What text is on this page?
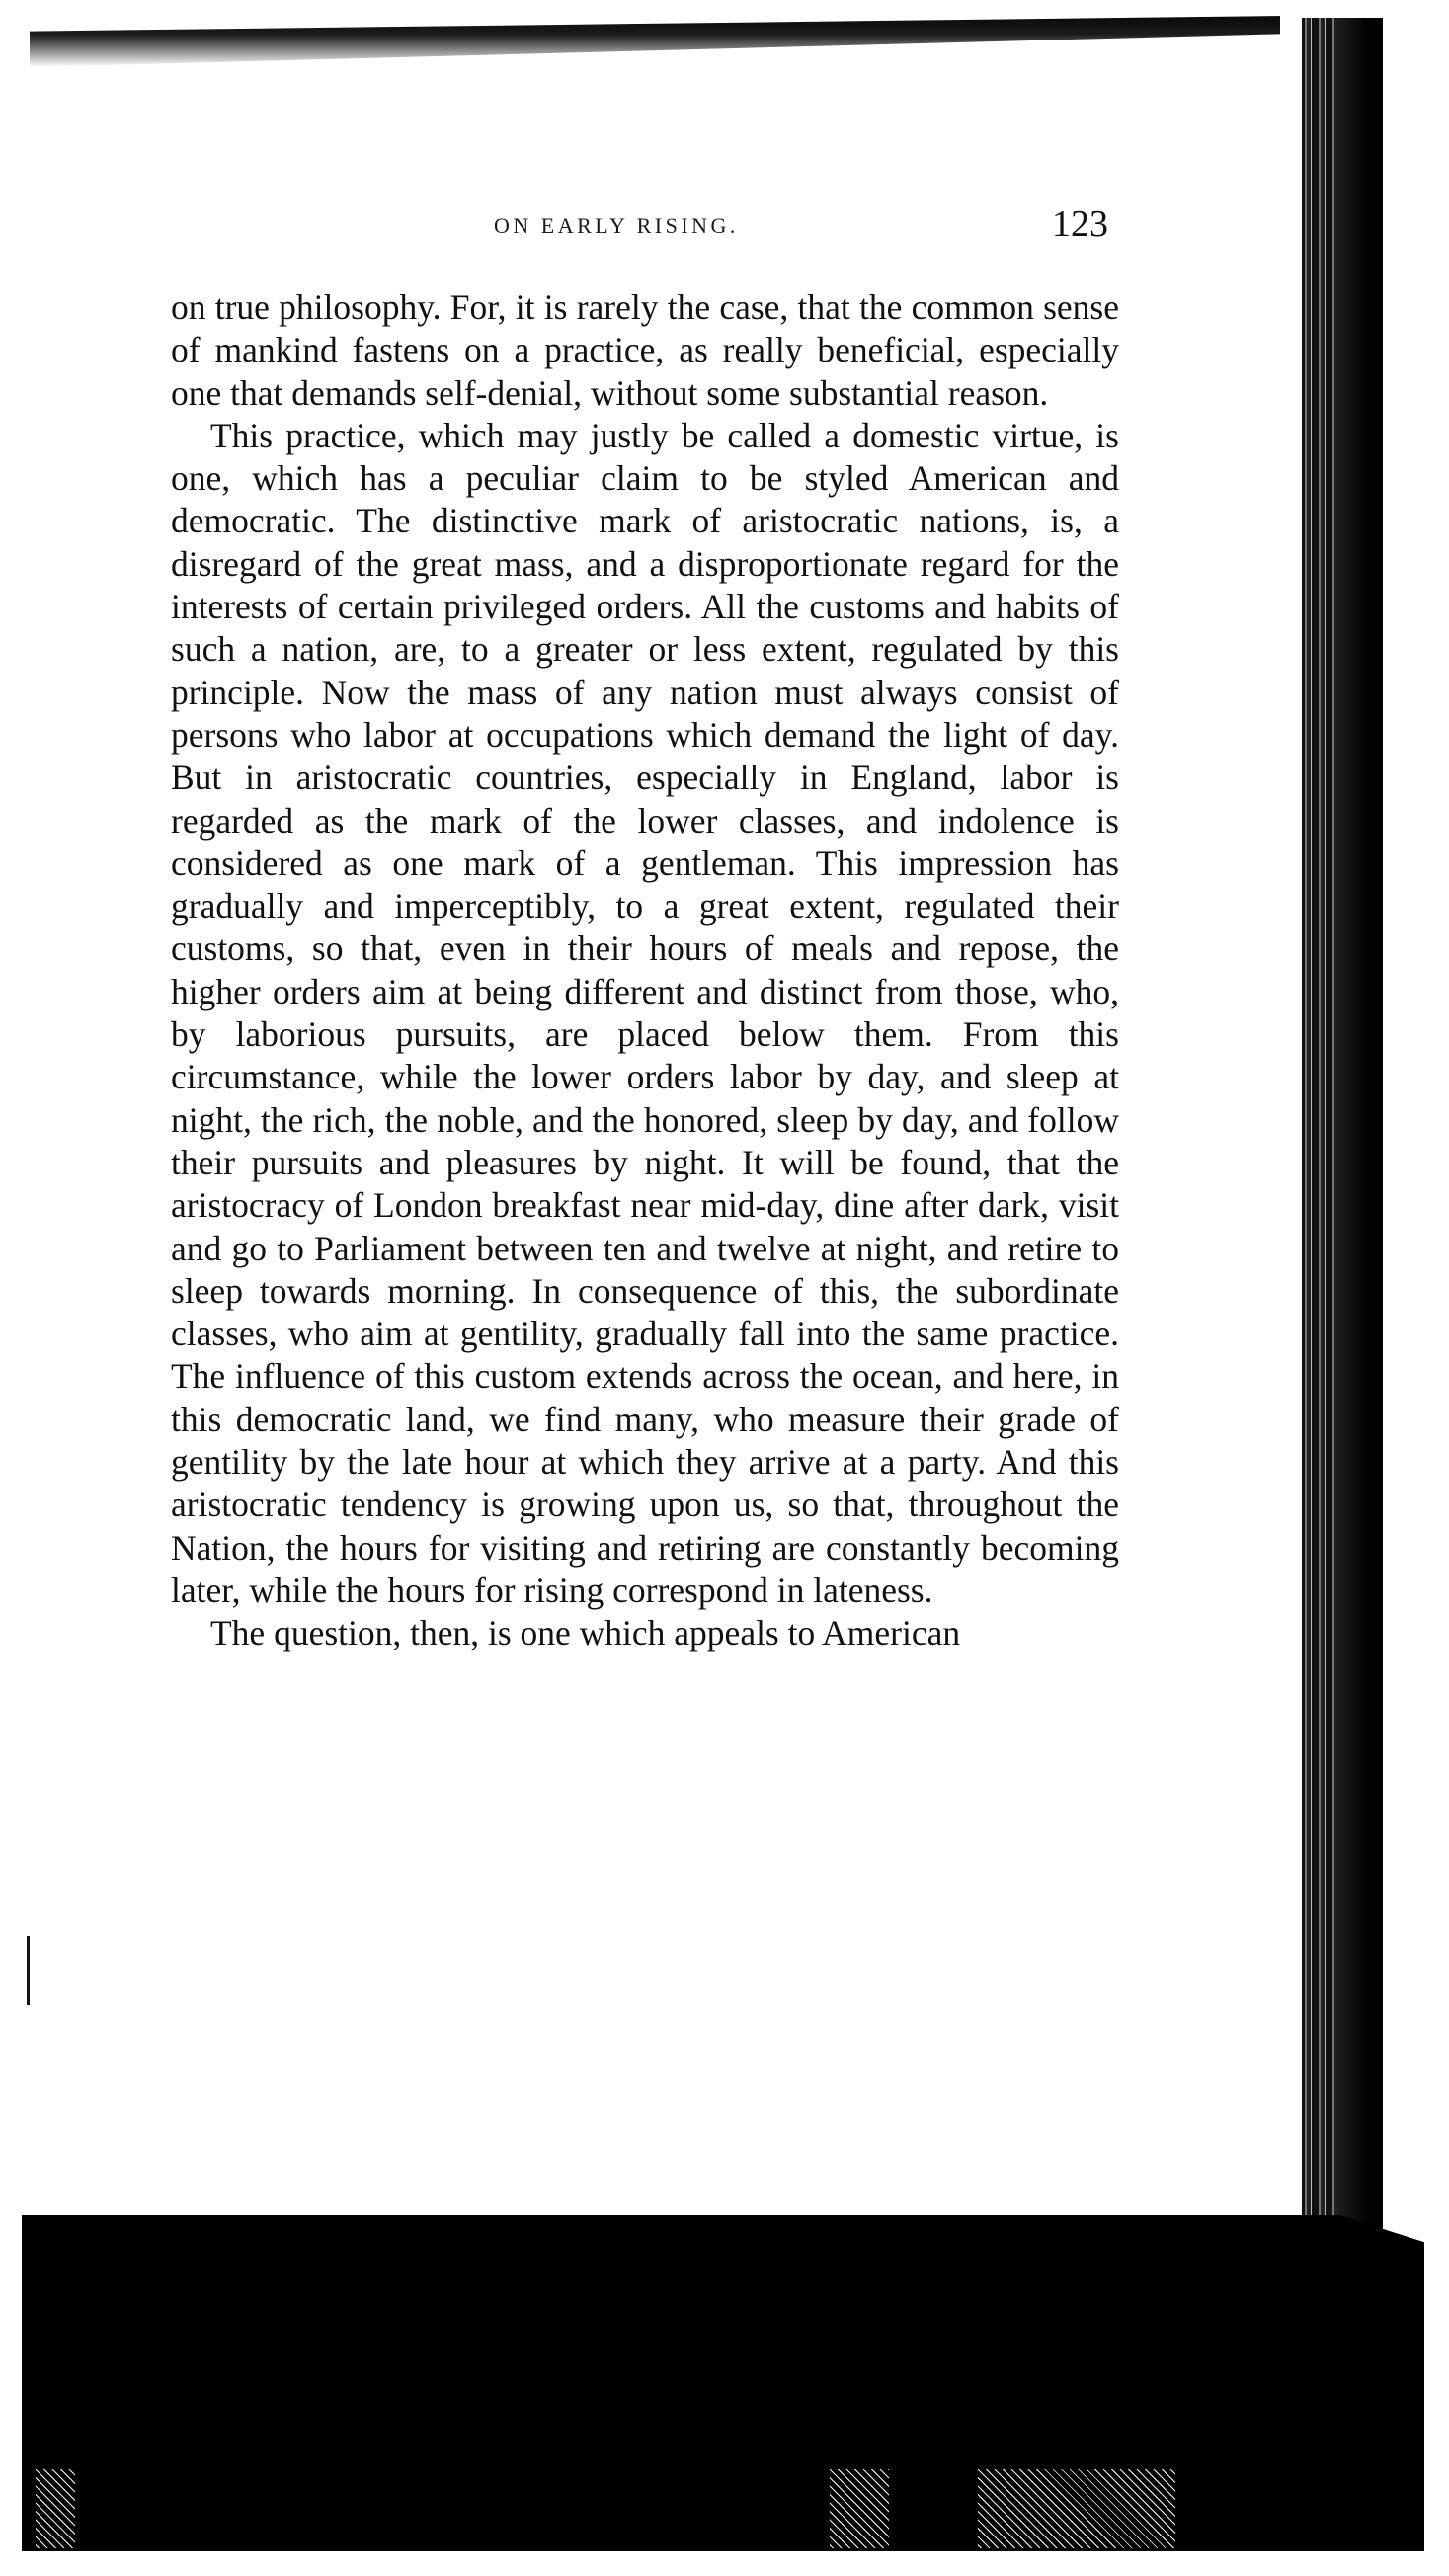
ON EARLY RISING.	123

on true philosophy. For, it is rarely the case, that the common sense of mankind fastens on a practice, as really beneficial, especially one that demands self-denial, without some substantial reason.

This practice, which may justly be called a domestic virtue, is one, which has a peculiar claim to be styled American and democratic. The distinctive mark of aristocratic nations, is, a disregard of the great mass, and a disproportionate regard for the interests of certain privileged orders. All the customs and habits of such a nation, are, to a greater or less extent, regulated by this principle. Now the mass of any nation must always consist of persons who labor at occupations which demand the light of day. But in aristocratic countries, especially in England, labor is regarded as the mark of the lower classes, and indolence is considered as one mark of a gentleman. This impression has gradually and imperceptibly, to a great extent, regulated their customs, so that, even in their hours of meals and repose, the higher orders aim at being different and distinct from those, who, by laborious pursuits, are placed below them. From this circumstance, while the lower orders labor by day, and sleep at night, the rich, the noble, and the honored, sleep by day, and follow their pursuits and pleasures by night. It will be found, that the aristocracy of London breakfast near mid-day, dine after dark, visit and go to Parliament between ten and twelve at night, and retire to sleep towards morning. In consequence of this, the subordinate classes, who aim at gentility, gradually fall into the same practice. The influence of this custom extends across the ocean, and here, in this democratic land, we find many, who measure their grade of gentility by the late hour at which they arrive at a party. And this aristocratic tendency is growing upon us, so that, throughout the Nation, the hours for visiting and retiring are constantly becoming later, while the hours for rising correspond in lateness.

The question, then, is one which appeals to American
